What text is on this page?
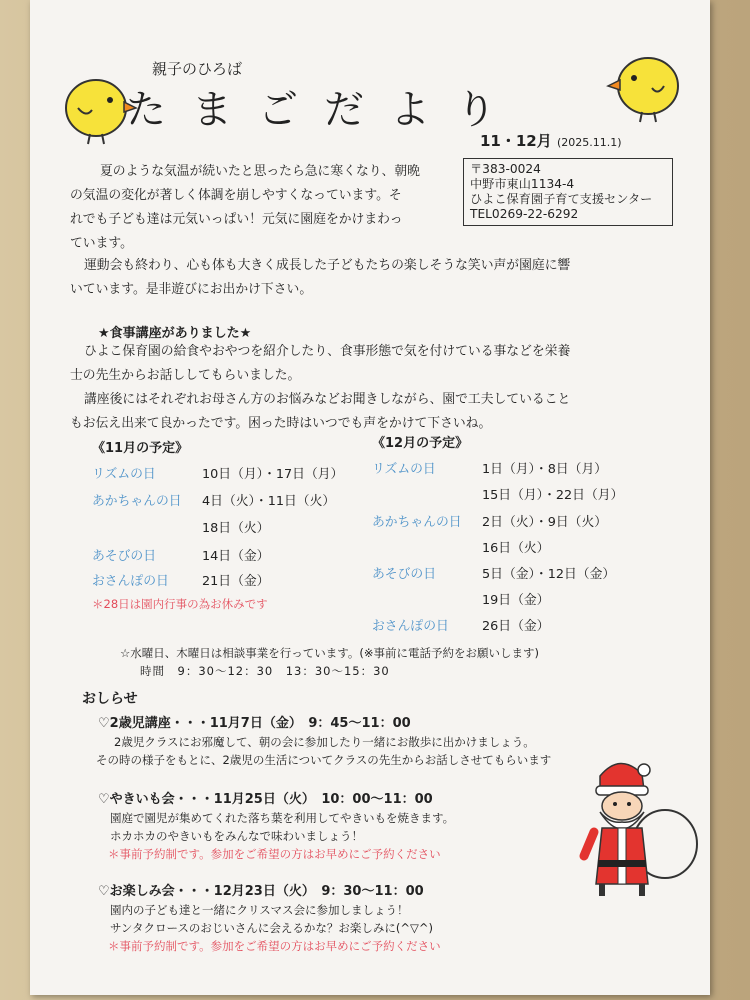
親子のひろば
たまごだより
11・12月 (2025.11.1)
〒383-0024
中野市東山1134-4
ひよこ保育園子育て支援センター
TEL0269-22-6292
夏のような気温が続いたと思ったら急に寒くなり、朝晩
の気温の変化が著しく体調を崩しやすくなっています。そ
れでも子ども達は元気いっぱい！元気に園庭をかけまわっ
ています。
運動会も終わり、心も体も大きく成長した子どもたちの楽しそうな笑い声が園庭に響
いています。是非遊びにお出かけ下さい。
★食事講座がありました★
ひよこ保育園の給食やおやつを紹介したり、食事形態で気を付けている事などを栄養
士の先生からお話ししてもらいました。
講座後にはそれぞれお母さん方のお悩みなどお聞きしながら、園で工夫していること
もお伝え出来て良かったです。困った時はいつでも声をかけて下さいね。
《11月の予定》
リズムの日	10日（月）・17日（月）
あかちゃんの日 4日（火）・11日（火）
18日（火）
あそびの日	14日（金）
おさんぽの日	21日（金）
＊28日は園内行事の為お休みです
《12月の予定》
リズムの日	1日（月）・8日（月）
15日（月）・22日（月）
あかちゃんの日 2日（火）・9日（火）
16日（火）
あそびの日	5日（金）・12日（金）
19日（金）
おさんぽの日	26日（金）
☆水曜日、木曜日は相談事業を行っています。(※事前に電話予約をお願いします)
時間　9：30～12：30　13：30～15：30
おしらせ
♡2歳児講座・・・11月7日（金）　9：45～11：00
2歳児クラスにお邪魔して、朝の会に参加したり一緒にお散歩に出かけましょう。
その時の様子をもとに、2歳児の生活についてクラスの先生からお話しさせてもらいます
♡やきいも会・・・11月25日（火）　10：00～11：00
園庭で園児が集めてくれた落ち葉を利用してやきいもを焼きます。
ホカホカのやきいもをみんなで味わいましょう！
＊事前予約制です。参加をご希望の方はお早めにご予約ください
♡お楽しみ会・・・12月23日（火）　9：30～11：00
園内の子ども達と一緒にクリスマス会に参加しましょう！
サンタクロースのおじいさんに会えるかな？お楽しみに(^▽^)
＊事前予約制です。参加をご希望の方はお早めにご予約ください
